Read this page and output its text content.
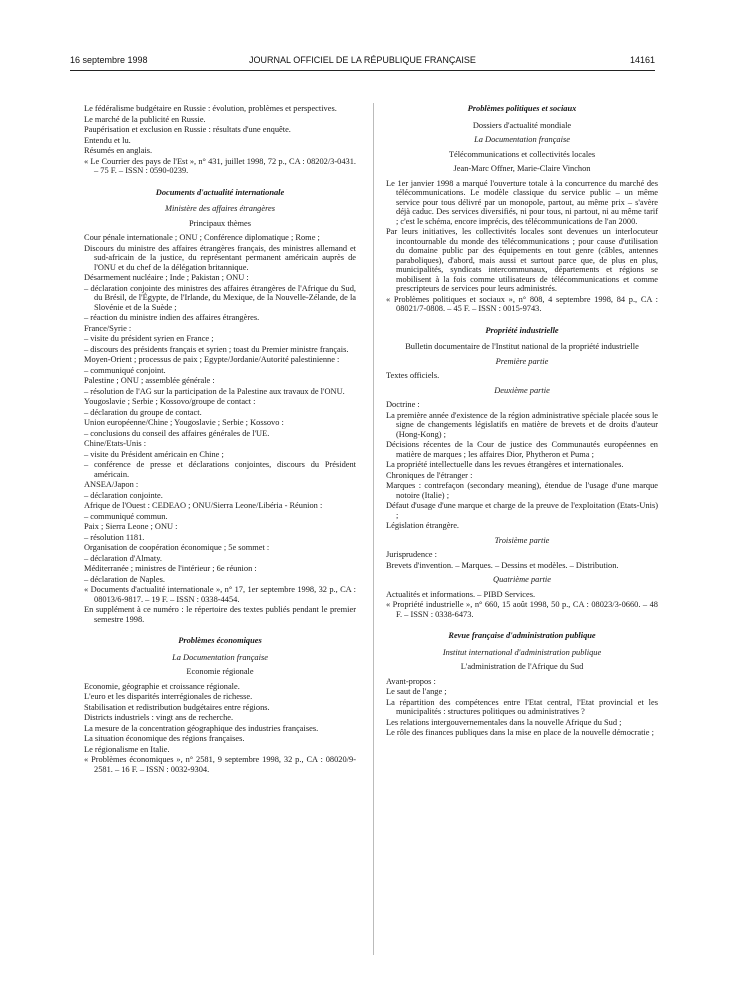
JOURNAL OFFICIEL DE LA RÉPUBLIQUE FRANÇAISE
16 septembre 1998	14161

Le fédéralisme budgétaire en Russie : évolution, problèmes et perspectives.

Le marché de la publicité en Russie.

Paupérisation et exclusion en Russie : résultats d'une enquête.

Entendu et lu.

Résumés en anglais.

« Le Courrier des pays de l'Est », n° 431, juillet 1998, 72 p., CA : 08202/3-0431. – 75 F. – ISSN : 0590-0239.

Documents d'actualité internationale
Ministère des affaires étrangères
Principaux thèmes

Cour pénale internationale ; ONU ; Conférence diplomatique ; Rome ;

Discours du ministre des affaires étrangères français, des ministres allemand et sud-africain de la justice, du représentant permanent américain auprès de l'ONU et du chef de la délégation britannique.

Désarmement nucléaire ; Inde ; Pakistan ; ONU :

– déclaration conjointe des ministres des affaires étrangères de l'Afrique du Sud, du Brésil, de l'Égypte, de l'Irlande, du Mexique, de la Nouvelle-Zélande, de la Slovénie et de la Suède ;

– réaction du ministre indien des affaires étrangères.

France/Syrie :

– visite du président syrien en France ;

– discours des présidents français et syrien ; toast du Premier ministre français.

Moyen-Orient ; processus de paix ; Egypte/Jordanie/Autorité palestinienne :

– communiqué conjoint.

Palestine ; ONU ; assemblée générale :

– résolution de l'AG sur la participation de la Palestine aux travaux de l'ONU.

Yougoslavie ; Serbie ; Kossovo/groupe de contact :

– déclaration du groupe de contact.

Union européenne/Chine ; Yougoslavie ; Serbie ; Kossovo :

– conclusions du conseil des affaires générales de l'UE.

Chine/Etats-Unis :

– visite du Président américain en Chine ;

– conférence de presse et déclarations conjointes, discours du Président américain.

ANSEA/Japon :

– déclaration conjointe.

Afrique de l'Ouest : CEDEAO ; ONU/Sierra Leone/Libéria - Réunion :

– communiqué commun.

Paix ; Sierra Leone ; ONU :

– résolution 1181.

Organisation de coopération économique ; 5e sommet :

– déclaration d'Almaty.

Méditerranée ; ministres de l'intérieur ; 6e réunion :

– déclaration de Naples.

« Documents d'actualité internationale », n° 17, 1er septembre 1998, 32 p., CA : 08013/6-9817. – 19 F. – ISSN : 0338-4454.

En supplément à ce numéro : le répertoire des textes publiés pendant le premier semestre 1998.

Problèmes économiques
La Documentation française
Economie régionale

Economie, géographie et croissance régionale.

L'euro et les disparités interrégionales de richesse.

Stabilisation et redistribution budgétaires entre régions.

Districts industriels : vingt ans de recherche.

La mesure de la concentration géographique des industries françaises.

La situation économique des régions françaises.

Le régionalisme en Italie.

« Problèmes économiques », n° 2581, 9 septembre 1998, 32 p., CA : 08020/9-2581. – 16 F. – ISSN : 0032-9304.

Problèmes politiques et sociaux
Dossiers d'actualité mondiale
La Documentation française
Télécommunications et collectivités locales
Jean-Marc Offner, Marie-Claire Vinchon

Le 1er janvier 1998 a marqué l'ouverture totale à la concurrence du marché des télécommunications. Le modèle classique du service public – un même service pour tous délivré par un monopole, partout, au même prix – s'avère déjà caduc. Des services diversifiés, ni pour tous, ni partout, ni au même tarif ; c'est le schéma, encore imprécis, des télécommunications de l'an 2000.

Par leurs initiatives, les collectivités locales sont devenues un interlocuteur incontournable du monde des télécommunications ; pour cause d'utilisation du domaine public par des équipements en tout genre (câbles, antennes paraboliques), d'abord, mais aussi et surtout parce que, de plus en plus, municipalités, syndicats intercommunaux, départements et régions se mobilisent à la fois comme utilisateurs de télécommunications et comme prescripteurs de services pour leurs administrés.

« Problèmes politiques et sociaux », n° 808, 4 septembre 1998, 84 p., CA : 08021/7-0808. – 45 F. – ISSN : 0015-9743.

Propriété industrielle
Bulletin documentaire de l'Institut national de la propriété industrielle
Première partie

Textes officiels.

Deuxième partie

Doctrine :

La première année d'existence de la région administrative spéciale placée sous le signe de changements législatifs en matière de brevets et de droits d'auteur (Hong-Kong) ;

Décisions récentes de la Cour de justice des Communautés européennes en matière de marques ; les affaires Dior, Phytheron et Puma ;

La propriété intellectuelle dans les revues étrangères et internationales.

Chroniques de l'étranger :

Marques : contrefaçon (secondary meaning), étendue de l'usage d'une marque notoire (Italie) ;

Défaut d'usage d'une marque et charge de la preuve de l'exploitation (Etats-Unis) ;

Législation étrangère.

Troisième partie

Jurisprudence :

Brevets d'invention. – Marques. – Dessins et modèles. – Distribution.

Quatrième partie

Actualités et informations. – PIBD Services.

« Propriété industrielle », n° 660, 15 août 1998, 50 p., CA : 08023/3-0660. – 48 F. – ISSN : 0338-6473.

Revue française d'administration publique
Institut international d'administration publique
L'administration de l'Afrique du Sud

Avant-propos :

Le saut de l'ange ;

La répartition des compétences entre l'Etat central, l'Etat provincial et les municipalités : structures politiques ou administratives ?

Les relations intergouvernementales dans la nouvelle Afrique du Sud ;

Le rôle des finances publiques dans la mise en place de la nouvelle démocratie ;
